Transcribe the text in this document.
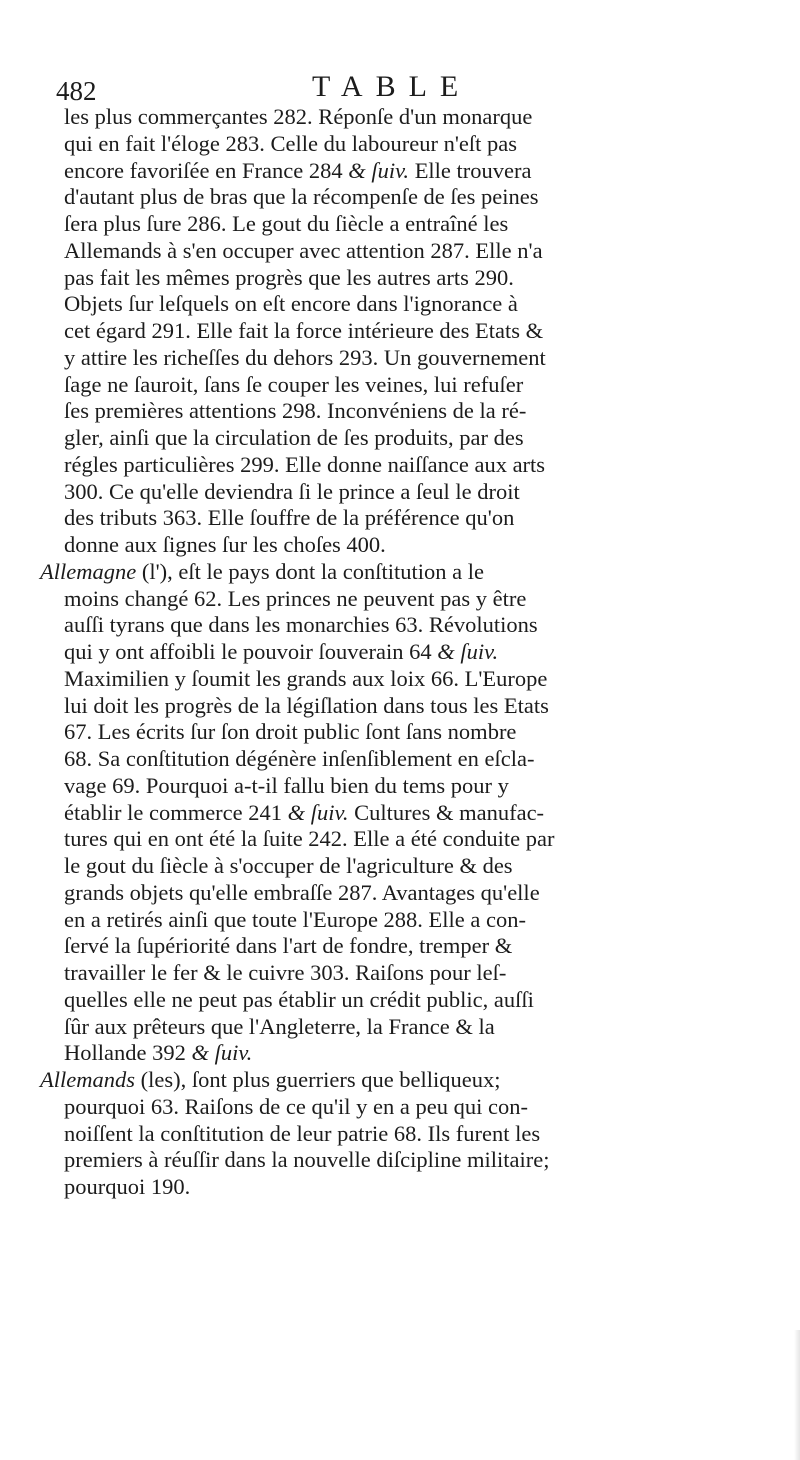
482	TABLE
les plus commerçantes 282. Réponſe d'un monarque
qui en fait l'éloge 283. Celle du laboureur n'eſt pas
encore favoriſée en France 284 & ſuiv. Elle trouvera
d'autant plus de bras que la récompenſe de ſes peines
ſera plus ſure 286. Le gout du ſiècle a entraîné les
Allemands à s'en occuper avec attention 287. Elle n'a
pas fait les mêmes progrès que les autres arts 290.
Objets ſur leſquels on eſt encore dans l'ignorance à
cet égard 291. Elle fait la force intérieure des Etats &
y attire les richeſſes du dehors 293. Un gouvernement
ſage ne ſauroit, ſans ſe couper les veines, lui refuſer
ſes premières attentions 298. Inconvéniens de la ré-
gler, ainſi que la circulation de ſes produits, par des
régles particulières 299. Elle donne naiſſance aux arts
300. Ce qu'elle deviendra ſi le prince a ſeul le droit
des tributs 363. Elle ſouffre de la préférence qu'on
donne aux ſignes ſur les choſes 400.
Allemagne (l'), eſt le pays dont la conſtitution a le
moins changé 62. Les princes ne peuvent pas y être
auſſi tyrans que dans les monarchies 63. Révolutions
qui y ont affoibli le pouvoir ſouverain 64 & ſuiv.
Maximilien y ſoumit les grands aux loix 66. L'Europe
lui doit les progrès de la légiſlation dans tous les Etats
67. Les écrits ſur ſon droit public ſont ſans nombre
68. Sa conſtitution dégénère inſenſiblement en eſcla-
vage 69. Pourquoi a-t-il fallu bien du tems pour y
établir le commerce 241 & ſuiv. Cultures & manufac-
tures qui en ont été la ſuite 242. Elle a été conduite par
le gout du ſiècle à s'occuper de l'agriculture & des
grands objets qu'elle embraſſe 287. Avantages qu'elle
en a retirés ainſi que toute l'Europe 288. Elle a con-
ſervé la ſupériorité dans l'art de fondre, tremper &
travailler le fer & le cuivre 303. Raiſons pour leſ-
quelles elle ne peut pas établir un crédit public, auſſi
ſûr aux prêteurs que l'Angleterre, la France & la
Hollande 392 & ſuiv.
Allemands (les), ſont plus guerriers que belliqueux;
pourquoi 63. Raiſons de ce qu'il y en a peu qui con-
noiſſent la conſtitution de leur patrie 68. Ils furent les
premiers à réuſſir dans la nouvelle diſcipline militaire;
pourquoi 190.
